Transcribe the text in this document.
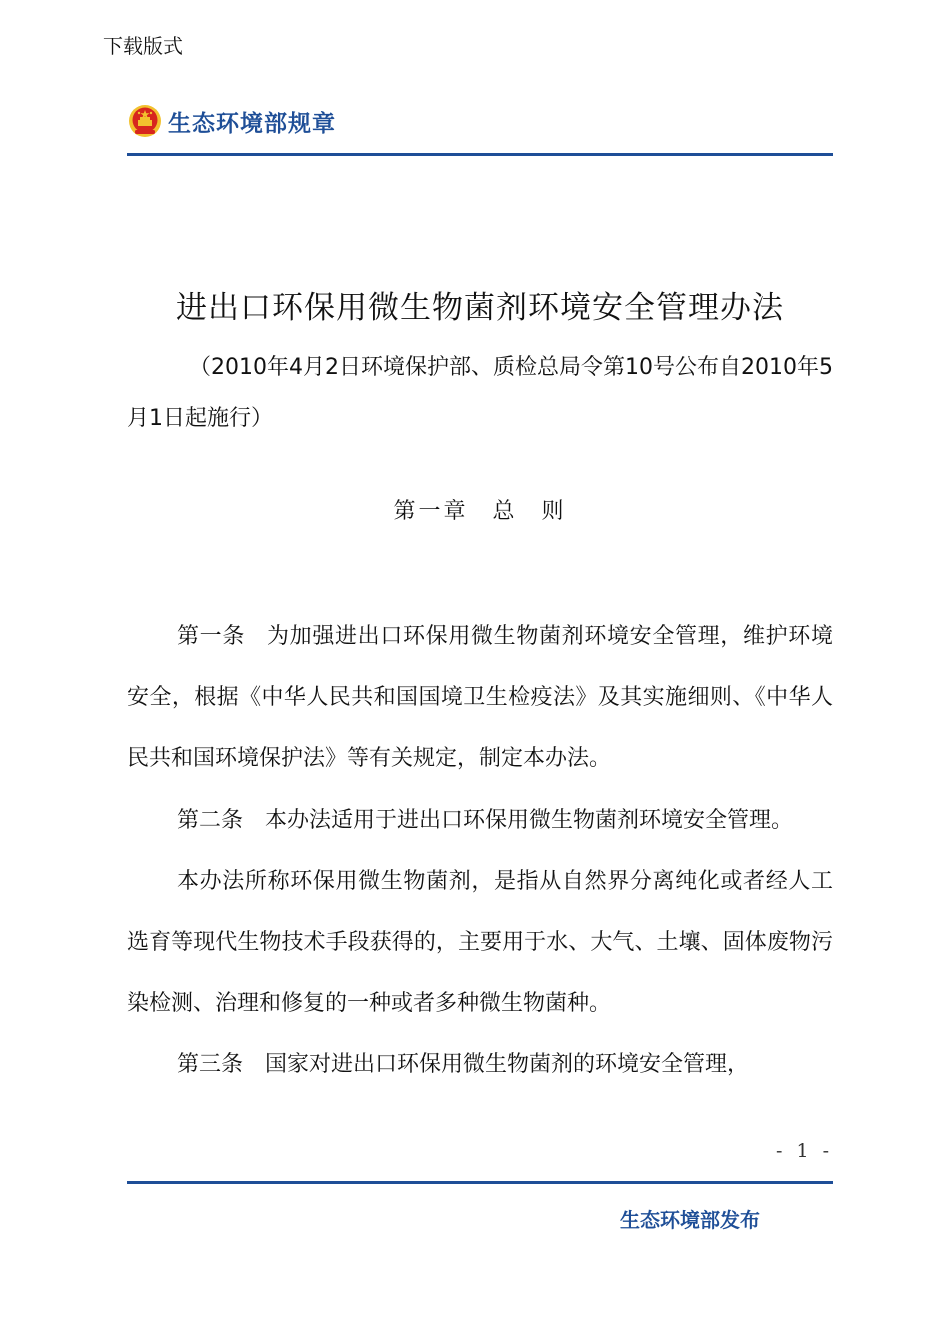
下载版式
生态环境部规章
进出口环保用微生物菌剂环境安全管理办法
（2010年4月2日环境保护部、质检总局令第10号公布自2010年5月1日起施行）
第一章 总 则

第一条 为加强进出口环保用微生物菌剂环境安全管理，维护环境安全，根据《中华人民共和国国境卫生检疫法》及其实施细则、《中华人民共和国环境保护法》等有关规定，制定本办法。

第二条 本办法适用于进出口环保用微生物菌剂环境安全管理。

本办法所称环保用微生物菌剂，是指从自然界分离纯化或者经人工选育等现代生物技术手段获得的，主要用于水、大气、土壤、固体废物污染检测、治理和修复的一种或者多种微生物菌种。

第三条 国家对进出口环保用微生物菌剂的环境安全管理，

- 1 -
生态环境部发布
